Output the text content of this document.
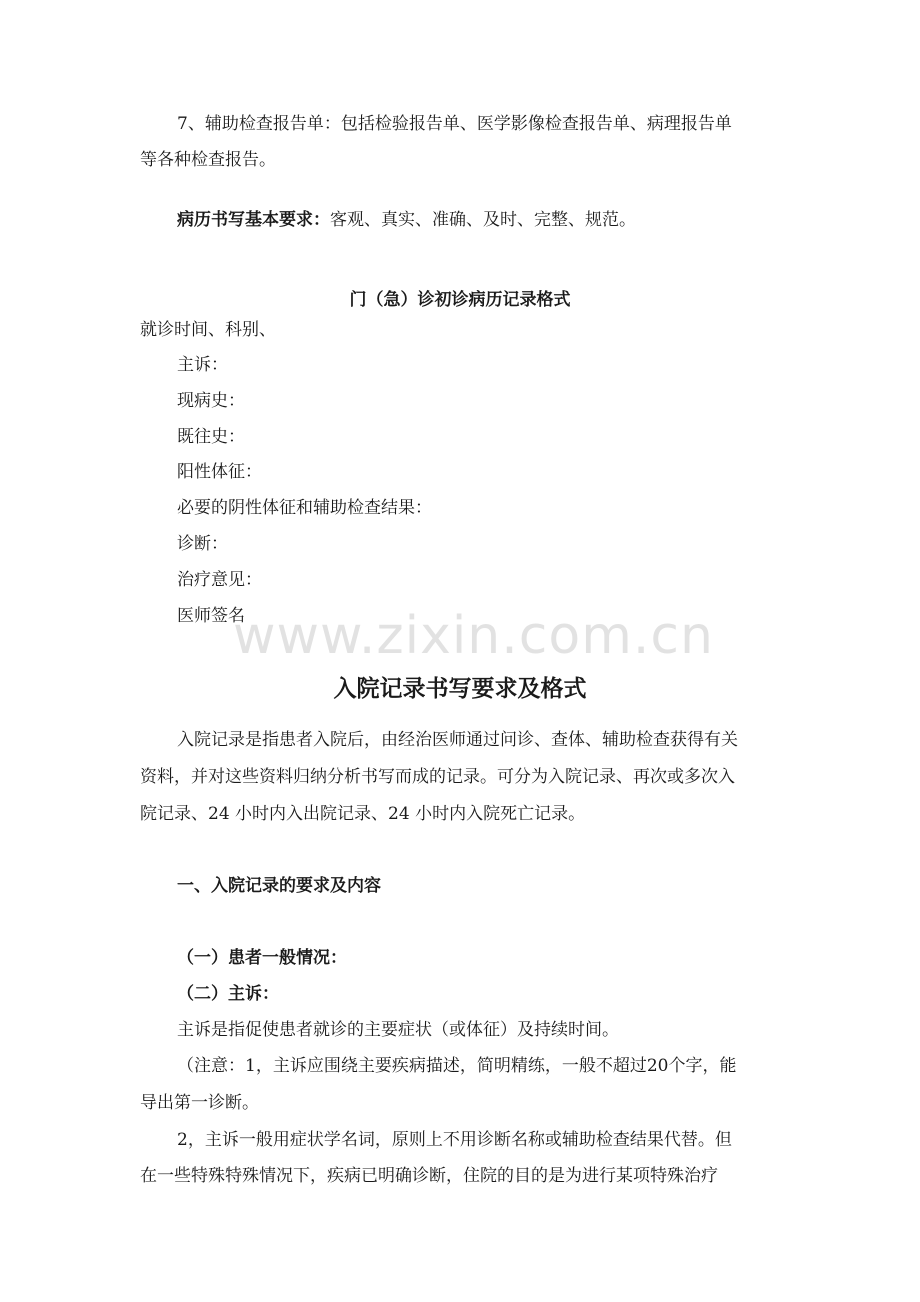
7、辅助检查报告单：包括检验报告单、医学影像检查报告单、病理报告单
等各种检查报告。
病历书写基本要求：客观、真实、准确、及时、完整、规范。
门（急）诊初诊病历记录格式
就诊时间、科别、
主诉：
现病史：
既往史：
阳性体征：
必要的阴性体征和辅助检查结果：
诊断：
治疗意见：
医师签名
www.zixin.com.cn
入院记录书写要求及格式
入院记录是指患者入院后，由经治医师通过问诊、查体、辅助检查获得有关
资料，并对这些资料归纳分析书写而成的记录。可分为入院记录、再次或多次入
院记录、24 小时内入出院记录、24 小时内入院死亡记录。
一、入院记录的要求及内容
（一）患者一般情况：
（二）主诉：
主诉是指促使患者就诊的主要症状（或体征）及持续时间。
（注意：1，主诉应围绕主要疾病描述，简明精练，一般不超过20个字，能
导出第一诊断。
2，主诉一般用症状学名词，原则上不用诊断名称或辅助检查结果代替。但
在一些特殊特殊情况下，疾病已明确诊断，住院的目的是为进行某项特殊治疗
